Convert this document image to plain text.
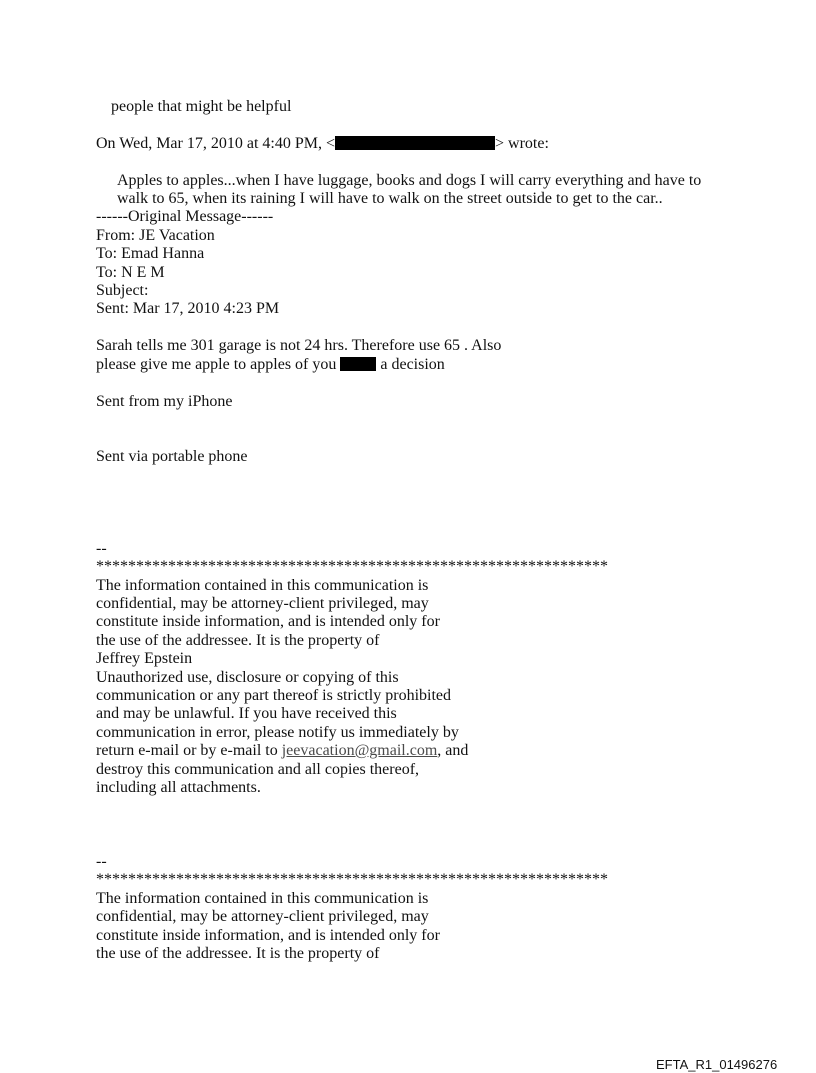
people that might be helpful
On Wed, Mar 17, 2010 at 4:40 PM, <	> wrote:
Apples to apples...when I have luggage, books and dogs I will carry everything and have to
walk to 65, when its raining I will have to walk on the street outside to get to the car..
------Original Message------
From: JE Vacation
To: Emad Hanna
To: N E M
Subject:
Sent: Mar 17, 2010 4:23 PM
Sarah tells me 301 garage is not 24 hrs. Therefore use 65 . Also
please give me apple to apples of you	a decision
Sent from my iPhone
Sent via portable phone
--
****************************************************************
The information contained in this communication is
confidential, may be attorney-client privileged, may
constitute inside information, and is intended only for
the use of the addressee. It is the property of
Jeffrey Epstein
Unauthorized use, disclosure or copying of this
communication or any part thereof is strictly prohibited
and may be unlawful. If you have received this
communication in error, please notify us immediately by
return e-mail or by e-mail to jeevacation@gmail.com, and
destroy this communication and all copies thereof,
including all attachments.
--
****************************************************************
The information contained in this communication is
confidential, may be attorney-client privileged, may
constitute inside information, and is intended only for
the use of the addressee. It is the property of
EFTA_R1_01496276
